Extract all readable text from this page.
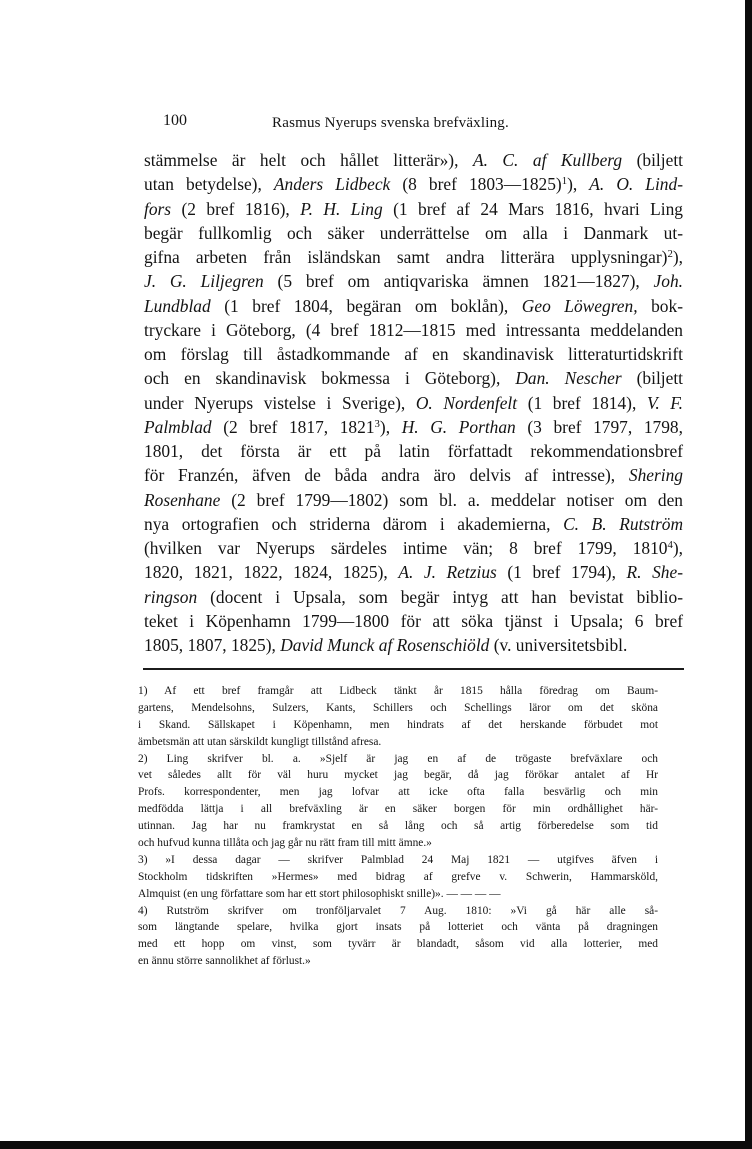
100	Rasmus Nyerups svenska brefväxling.
stämmelse är helt och hållet litterär»), A. C. af Kullberg (biljett
utan betydelse), Anders Lidbeck (8 bref 1803—1825)$^1$), A. O. Lind-
fors (2 bref 1816), P. H. Ling (1 bref af 24 Mars 1816, hvari Ling
begär fullkomlig och säker underrättelse om alla i Danmark ut-
gifna arbeten från isländskan samt andra litterära upplysningar)$^2$),
J. G. Liljegren (5 bref om antiqvariska ämnen 1821—1827), Joh.
Lundblad (1 bref 1804, begäran om boklån), Geo Löwegren, bok-
tryckare i Göteborg, (4 bref 1812—1815 med intressanta meddelanden
om förslag till åstadkommande af en skandinavisk litteraturtidskrift
och en skandinavisk bokmessa i Göteborg), Dan. Nescher (biljett
under Nyerups vistelse i Sverige), O. Nordenfelt (1 bref 1814), V. F.
Palmblad (2 bref 1817, 1821$^3$), H. G. Porthan (3 bref 1797, 1798,
1801, det första är ett på latin författadt rekommendationsbref
för Franzén, äfven de båda andra äro delvis af intresse), Shering
Rosenhane (2 bref 1799—1802) som bl. a. meddelar notiser om den
nya ortografien och striderna därom i akademierna, C. B. Rutström
(hvilken var Nyerups särdeles intime vän; 8 bref 1799, 1810$^4$),
1820, 1821, 1822, 1824, 1825), A. J. Retzius (1 bref 1794), R. She-
ringson (docent i Upsala, som begär intyg att han bevistat biblio-
teket i Köpenhamn 1799—1800 för att söka tjänst i Upsala; 6 bref
1805, 1807, 1825), David Munck af Rosenschiöld (v. universitetsbibl.
1) Af ett bref framgår att Lidbeck tänkt år 1815 hålla föredrag om Baum-
gartens, Mendelsohns, Sulzers, Kants, Schillers och Schellings läror om det sköna
i Skand. Sällskapet i Köpenhamn, men hindrats af det herskande förbudet mot
ämbetsmän att utan särskildt kungligt tillstånd afresa.
2) Ling skrifver bl. a. »Sjelf är jag en af de trögaste brefväxlare och
vet således allt för väl huru mycket jag begär, då jag förökar antalet af Hr
Profs. korrespondenter, men jag lofvar att icke ofta falla besvärlig och min
medfödda lättja i all brefväxling är en säker borgen för min ordhållighet här-
utinnan. Jag har nu framkrystat en så lång och så artig förberedelse som tid
och hufvud kunna tillåta och jag går nu rätt fram till mitt ämne.»
3) »I dessa dagar — skrifver Palmblad 24 Maj 1821 — utgifves äfven i
Stockholm tidskriften »Hermes» med bidrag af grefve v. Schwerin, Hammarsköld,
Almquist (en ung författare som har ett stort philosophiskt snille)». — — — —
4) Rutström skrifver om tronföljarvalet 7 Aug. 1810: »Vi gå här alle så-
som längtande spelare, hvilka gjort insats på lotteriet och vänta på dragningen
med ett hopp om vinst, som tyvärr är blandadt, såsom vid alla lotterier, med
en ännu större sannolikhet af förlust.»
